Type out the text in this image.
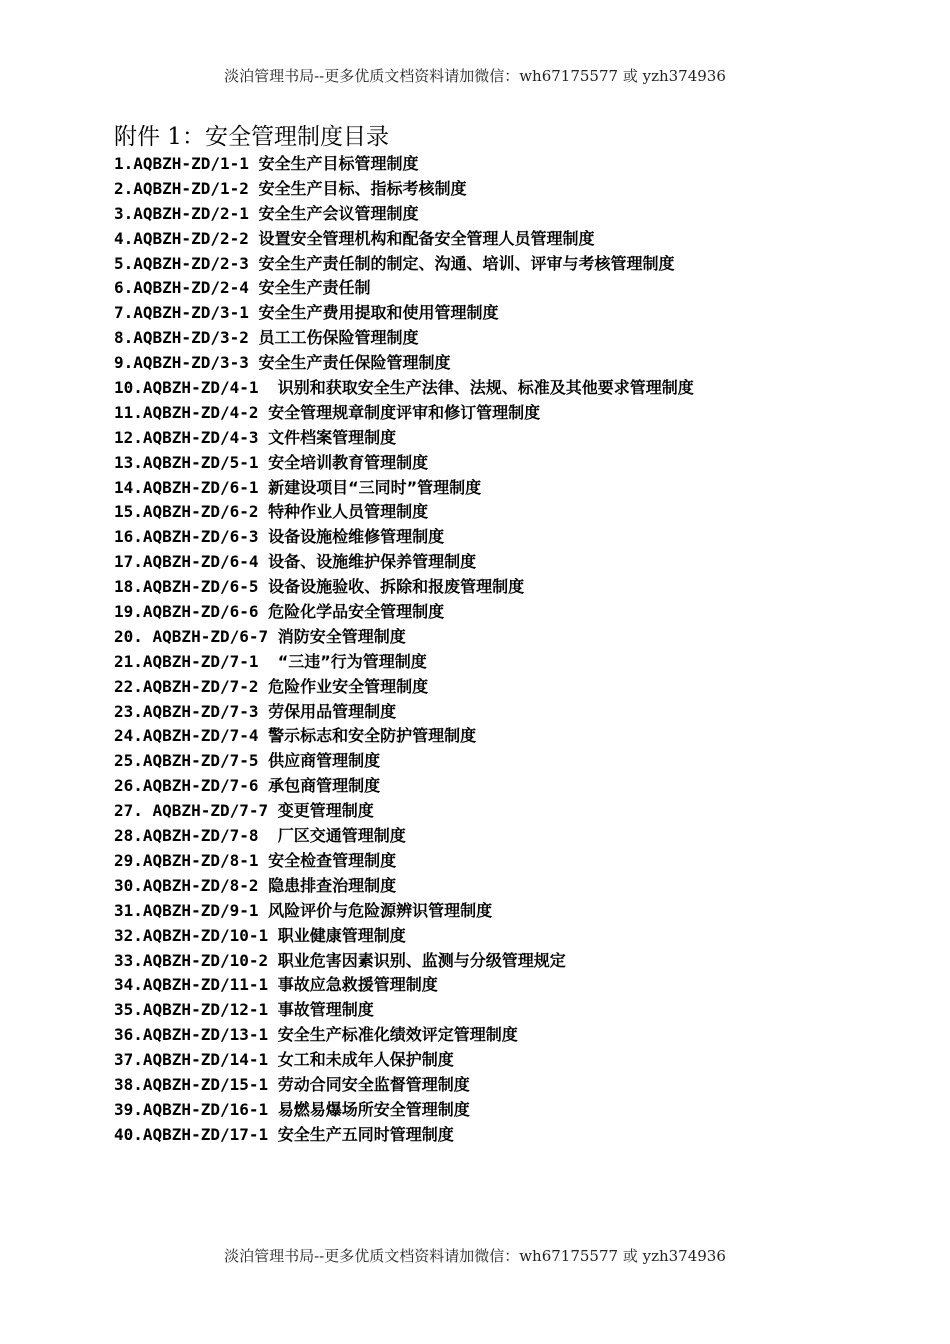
淡泊管理书局--更多优质文档资料请加微信：wh67175577 或 yzh374936
附件 1：安全管理制度目录
1.AQBZH-ZD/1-1 安全生产目标管理制度
2.AQBZH-ZD/1-2 安全生产目标、指标考核制度
3.AQBZH-ZD/2-1 安全生产会议管理制度
4.AQBZH-ZD/2-2 设置安全管理机构和配备安全管理人员管理制度
5.AQBZH-ZD/2-3 安全生产责任制的制定、沟通、培训、评审与考核管理制度
6.AQBZH-ZD/2-4 安全生产责任制
7.AQBZH-ZD/3-1 安全生产费用提取和使用管理制度
8.AQBZH-ZD/3-2 员工工伤保险管理制度
9.AQBZH-ZD/3-3 安全生产责任保险管理制度
10.AQBZH-ZD/4-1  识别和获取安全生产法律、法规、标准及其他要求管理制度
11.AQBZH-ZD/4-2 安全管理规章制度评审和修订管理制度
12.AQBZH-ZD/4-3 文件档案管理制度
13.AQBZH-ZD/5-1 安全培训教育管理制度
14.AQBZH-ZD/6-1 新建设项目“三同时”管理制度
15.AQBZH-ZD/6-2 特种作业人员管理制度
16.AQBZH-ZD/6-3 设备设施检维修管理制度
17.AQBZH-ZD/6-4 设备、设施维护保养管理制度
18.AQBZH-ZD/6-5 设备设施验收、拆除和报废管理制度
19.AQBZH-ZD/6-6 危险化学品安全管理制度
20. AQBZH-ZD/6-7 消防安全管理制度
21.AQBZH-ZD/7-1  “三违”行为管理制度
22.AQBZH-ZD/7-2 危险作业安全管理制度
23.AQBZH-ZD/7-3 劳保用品管理制度
24.AQBZH-ZD/7-4 警示标志和安全防护管理制度
25.AQBZH-ZD/7-5 供应商管理制度
26.AQBZH-ZD/7-6 承包商管理制度
27. AQBZH-ZD/7-7 变更管理制度
28.AQBZH-ZD/7-8  厂区交通管理制度
29.AQBZH-ZD/8-1 安全检查管理制度
30.AQBZH-ZD/8-2 隐患排查治理制度
31.AQBZH-ZD/9-1 风险评价与危险源辨识管理制度
32.AQBZH-ZD/10-1 职业健康管理制度
33.AQBZH-ZD/10-2 职业危害因素识别、监测与分级管理规定
34.AQBZH-ZD/11-1 事故应急救援管理制度
35.AQBZH-ZD/12-1 事故管理制度
36.AQBZH-ZD/13-1 安全生产标准化绩效评定管理制度
37.AQBZH-ZD/14-1 女工和未成年人保护制度
38.AQBZH-ZD/15-1 劳动合同安全监督管理制度
39.AQBZH-ZD/16-1 易燃易爆场所安全管理制度
40.AQBZH-ZD/17-1 安全生产五同时管理制度
淡泊管理书局--更多优质文档资料请加微信：wh67175577 或 yzh374936
